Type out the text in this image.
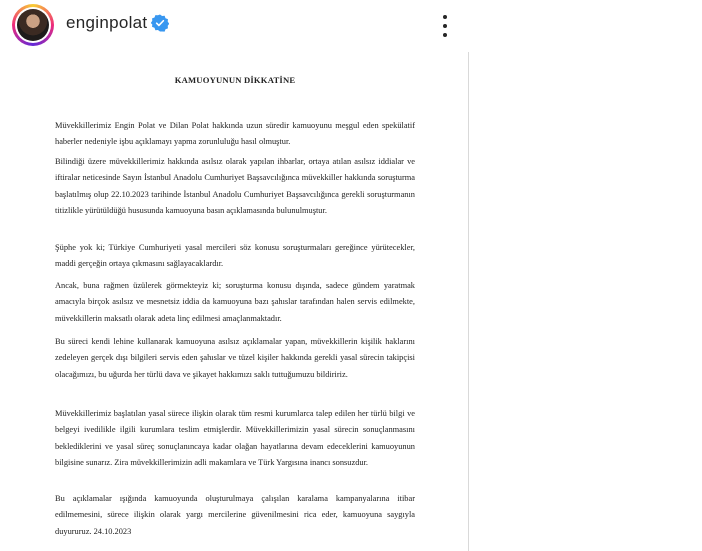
enginpolat
KAMUOYUNUN DİKKATİNE
Müvekkillerimiz Engin Polat ve Dilan Polat hakkında uzun süredir kamuoyunu meşgul eden spekülatif haberler nedeniyle işbu açıklamayı yapma zorunluluğu hasıl olmuştur.
Bilindiği üzere müvekkillerimiz hakkında asılsız olarak yapılan ihbarlar, ortaya atılan asılsız iddialar ve iftiralar neticesinde Sayın İstanbul Anadolu Cumhuriyet Başsavcılığınca müvekkiller hakkında soruşturma başlatılmış olup 22.10.2023 tarihinde İstanbul Anadolu Cumhuriyet Başsavcılığınca gerekli soruşturmanın titizlikle yürütüldüğü hususunda kamuoyuna basın açıklamasında bulunulmuştur.
Şüphe yok ki; Türkiye Cumhuriyeti yasal mercileri söz konusu soruşturmaları gereğince yürütecekler, maddi gerçeğin ortaya çıkmasını sağlayacaklardır.
Ancak, buna rağmen üzülerek görmekteyiz ki; soruşturma konusu dışında, sadece gündem yaratmak amacıyla birçok asılsız ve mesnetsiz iddia da kamuoyuna bazı şahıslar tarafından halen servis edilmekte, müvekkillerin maksatlı olarak adeta linç edilmesi amaçlanmaktadır.
Bu süreci kendi lehine kullanarak kamuoyuna asılsız açıklamalar yapan, müvekkillerin kişilik haklarını zedeleyen gerçek dışı bilgileri servis eden şahıslar ve tüzel kişiler hakkında gerekli yasal sürecin takipçisi olacağımızı, bu uğurda her türlü dava ve şikayet hakkımızı saklı tuttuğumuzu bildiririz.
Müvekkillerimiz başlatılan yasal sürece ilişkin olarak tüm resmi kurumlarca talep edilen her türlü bilgi ve belgeyi ivedilikle ilgili kurumlara teslim etmişlerdir. Müvekkillerimizin yasal sürecin sonuçlanmasını beklediklerini ve yasal süreç sonuçlanıncaya kadar olağan hayatlarına devam edeceklerini kamuoyunun bilgisine sunarız. Zira müvekkillerimizin adli makamlara ve Türk Yargısına inancı sonsuzdur.
Bu açıklamalar ışığında kamuoyunda oluşturulmaya çalışılan karalama kampanyalarına itibar edilmemesini, sürece ilişkin olarak yargı mercilerine güvenilmesini rica eder, kamuoyuna saygıyla duyururuz. 24.10.2023
